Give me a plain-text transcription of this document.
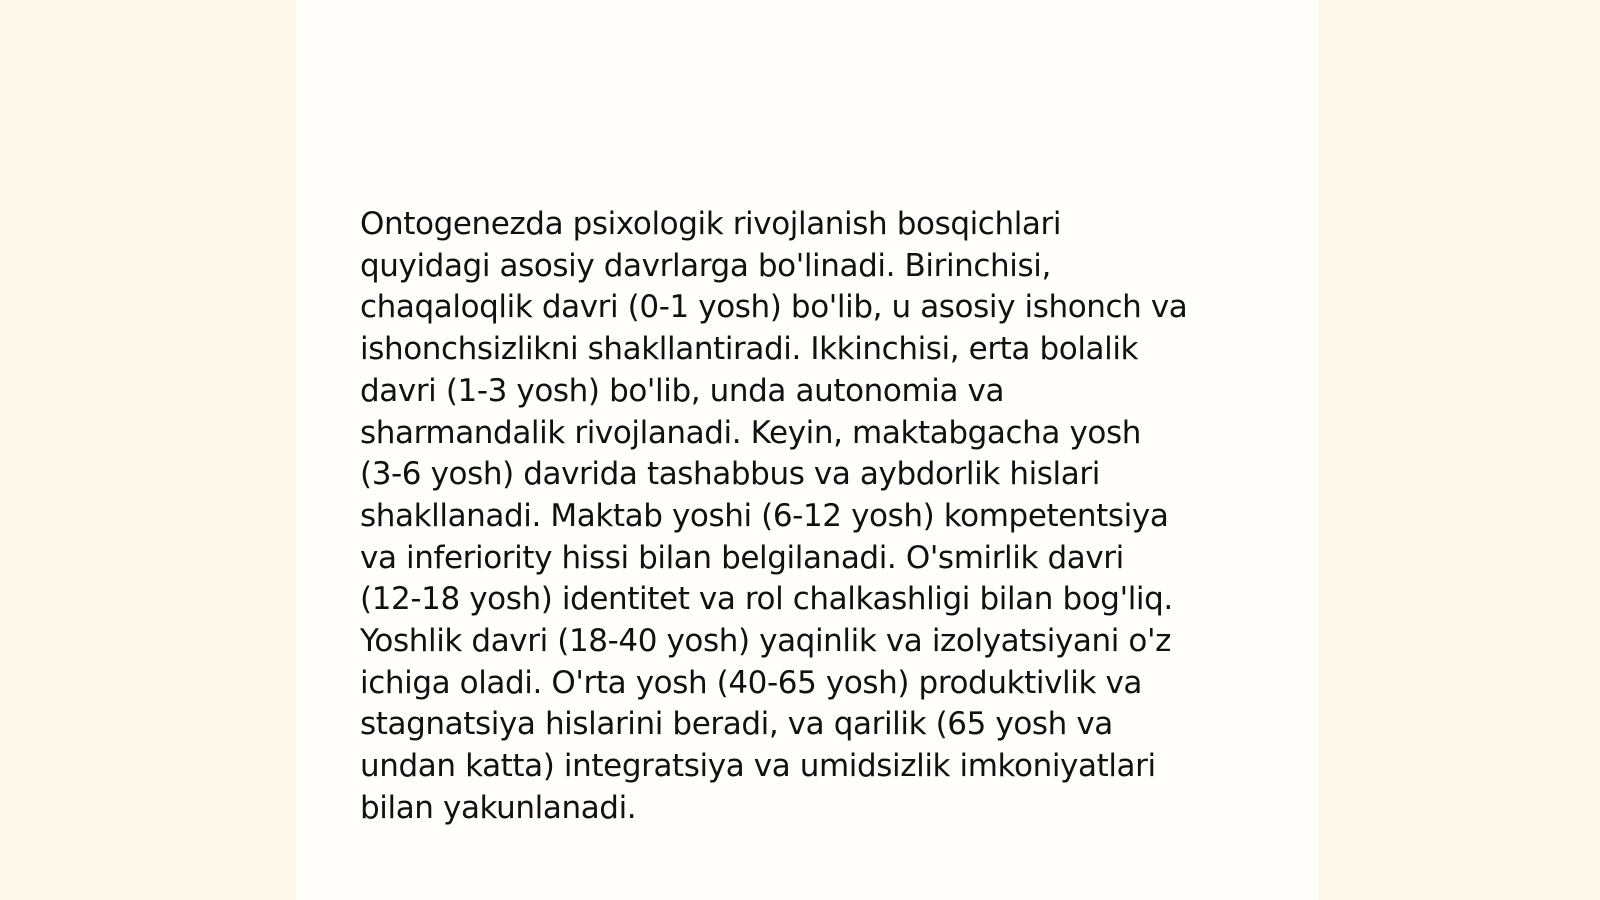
Ontogenezda psixologik rivojlanish bosqichlari
quyidagi asosiy davrlarga bo'linadi. Birinchisi,
chaqaloqlik davri (0-1 yosh) bo'lib, u asosiy ishonch va
ishonchsizlikni shakllantiradi. Ikkinchisi, erta bolalik
davri (1-3 yosh) bo'lib, unda autonomia va
sharmandalik rivojlanadi. Keyin, maktabgacha yosh
(3-6 yosh) davrida tashabbus va aybdorlik hislari
shakllanadi. Maktab yoshi (6-12 yosh) kompetentsiya
va inferiority hissi bilan belgilanadi. O'smirlik davri
(12-18 yosh) identitet va rol chalkashligi bilan bog'liq.
Yoshlik davri (18-40 yosh) yaqinlik va izolyatsiyani o'z
ichiga oladi. O'rta yosh (40-65 yosh) produktivlik va
stagnatsiya hislarini beradi, va qarilik (65 yosh va
undan katta) integratsiya va umidsizlik imkoniyatlari
bilan yakunlanadi.
